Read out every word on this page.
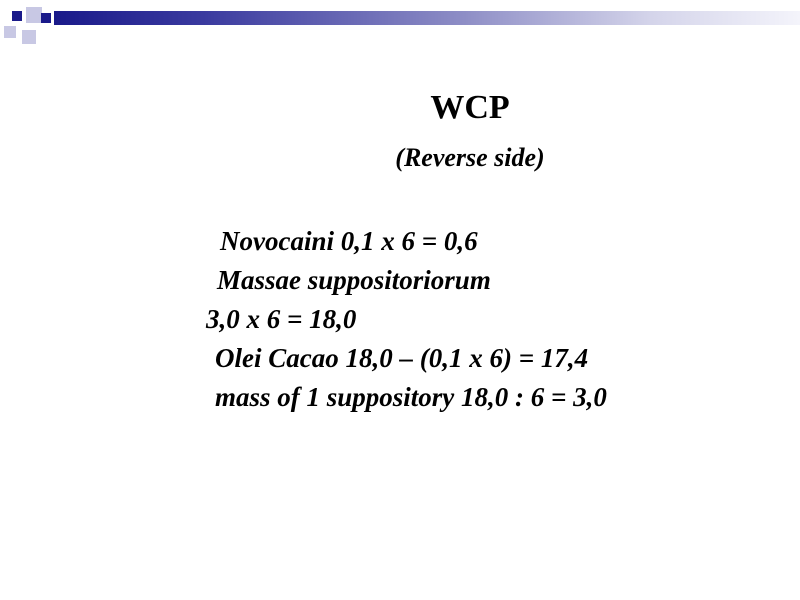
WCP

(Reverse side)

Novocaini 0,1 x 6 = 0,6

Massae suppositoriorum

3,0 x 6 = 18,0

Olei Cacao 18,0 – (0,1 x 6) = 17,4

mass of 1 suppository 18,0 : 6 = 3,0
